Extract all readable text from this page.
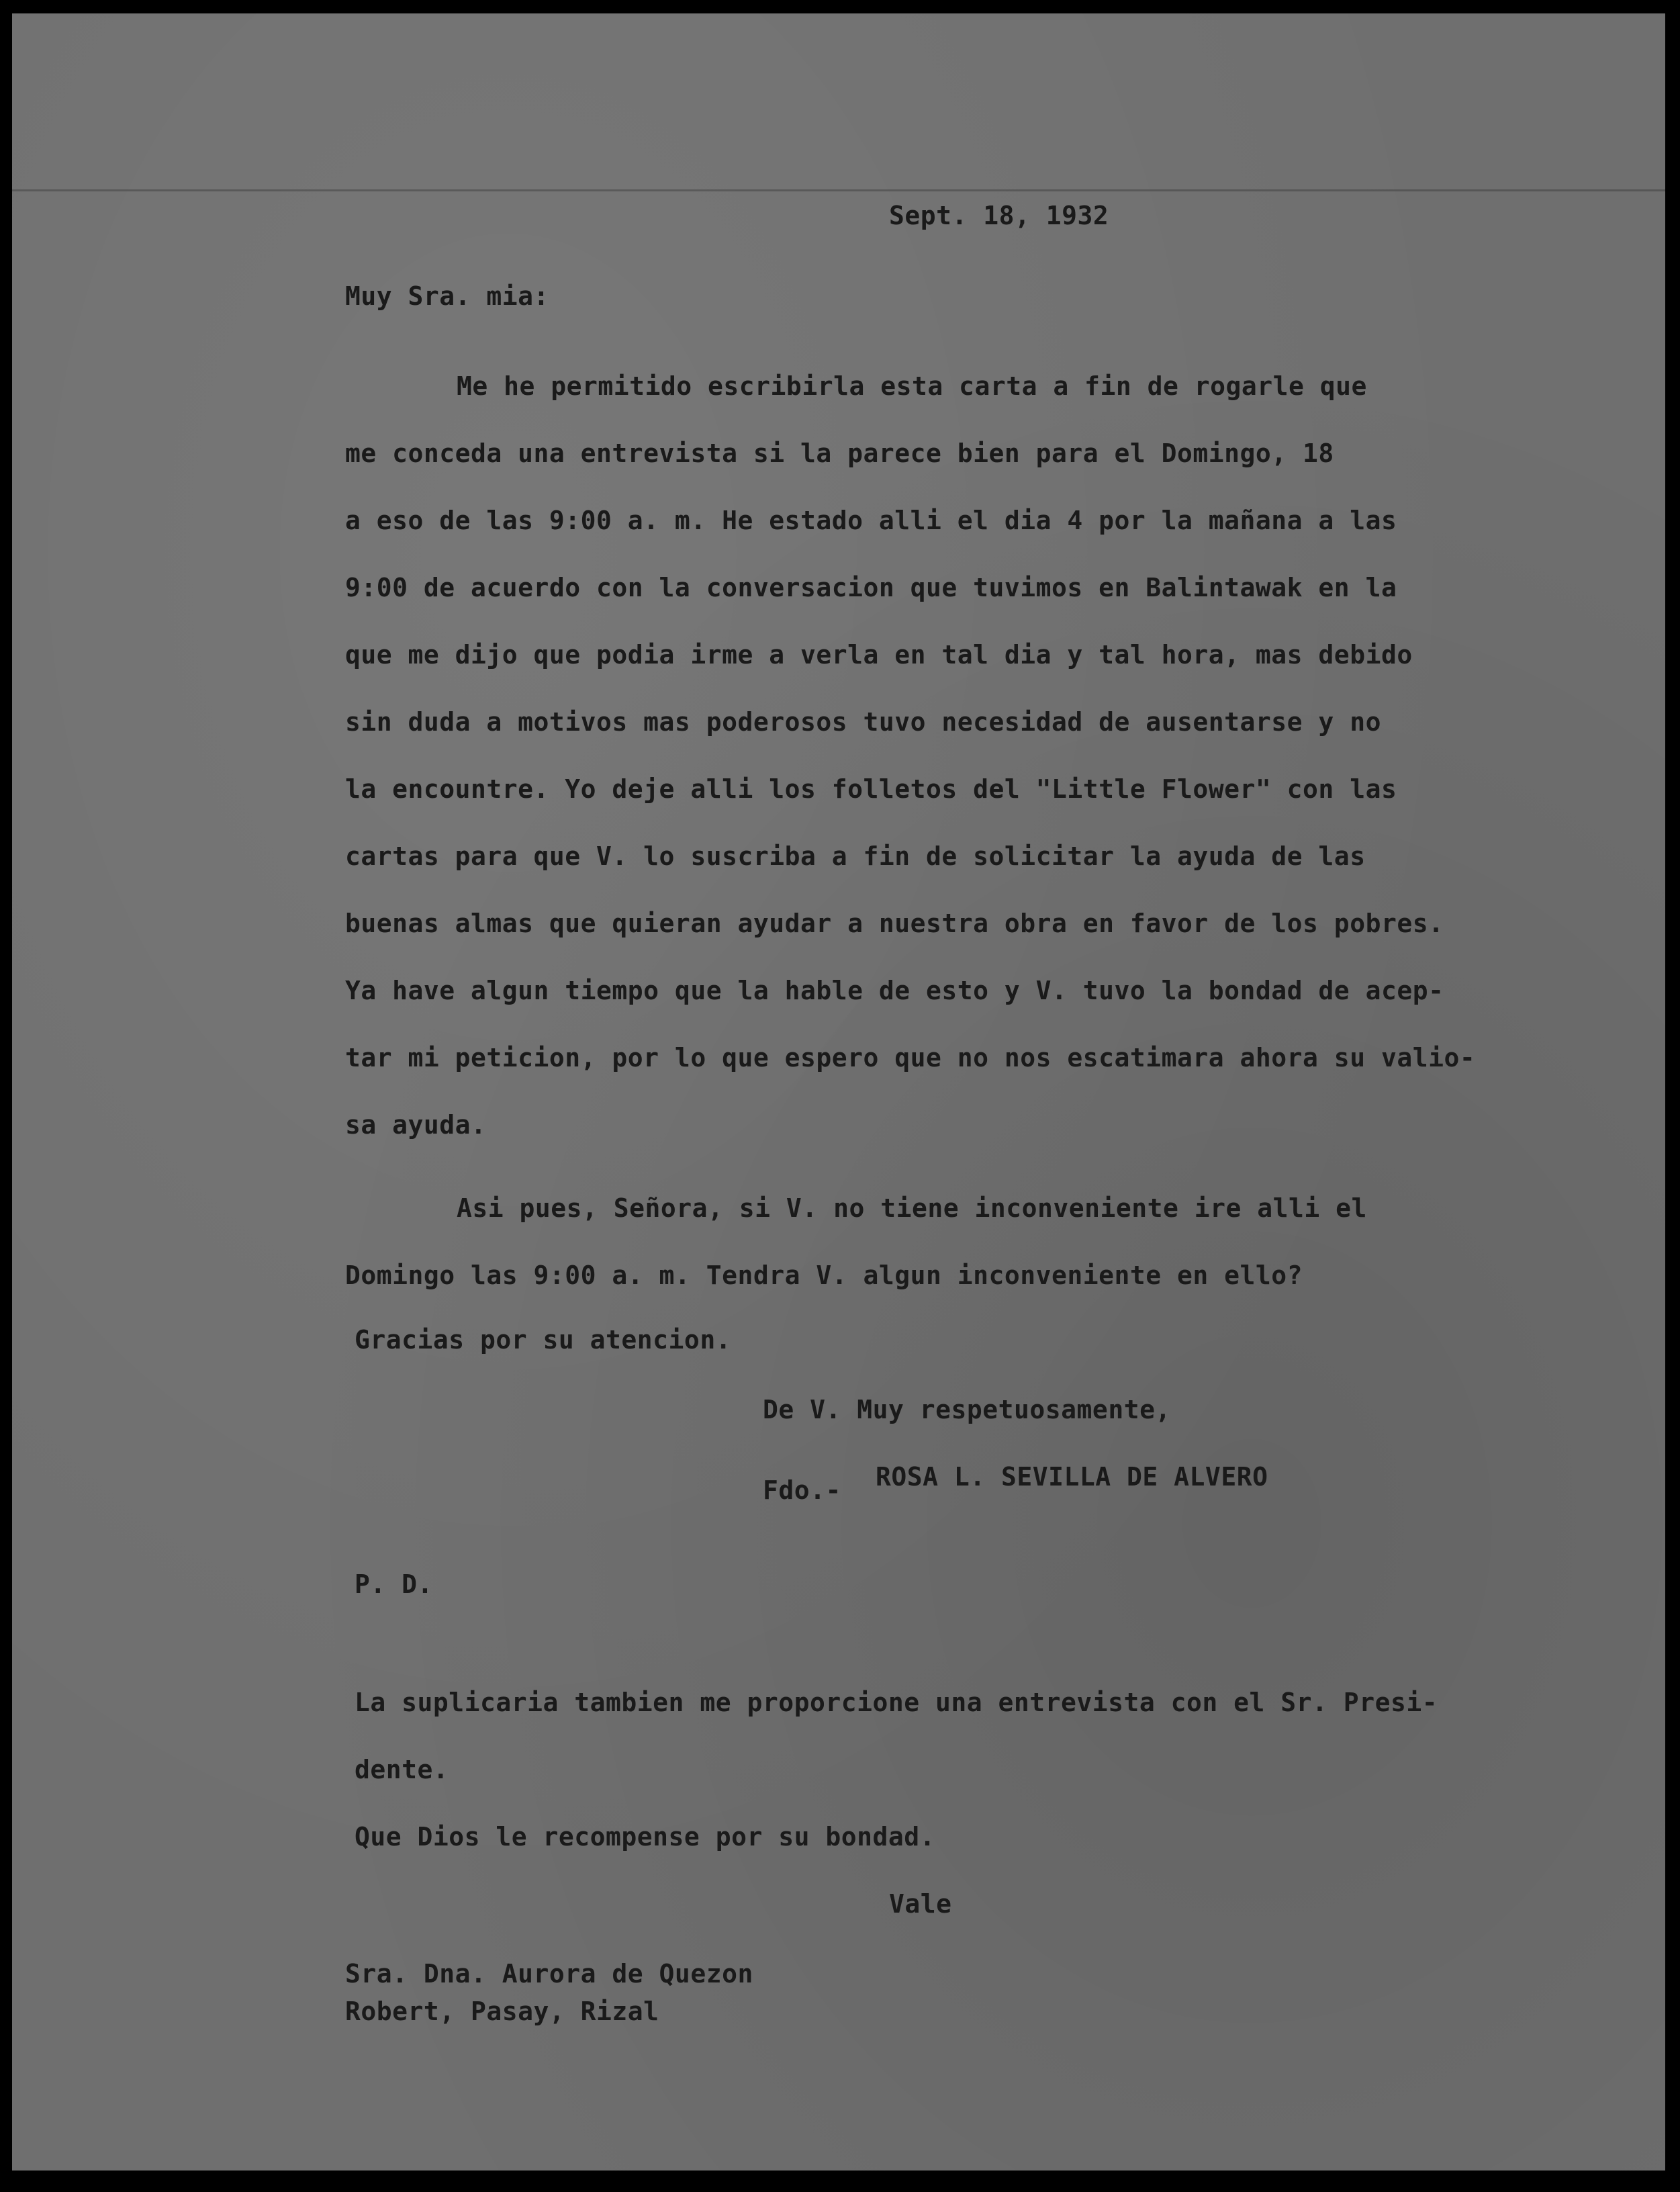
Sept. 18, 1932
Muy Sra. mia:
Me he permitido escribirla esta carta a fin de rogarle que
me conceda una entrevista si la parece bien para el Domingo, 18
a eso de las 9:00 a. m. He estado alli el dia 4 por la mañana a las
9:00 de acuerdo con la conversacion que tuvimos en Balintawak en la
que me dijo que podia irme a verla en tal dia y tal hora, mas debido
sin duda a motivos mas poderosos tuvo necesidad de ausentarse y no
la encountre. Yo deje alli los folletos del "Little Flower" con las
cartas para que V. lo suscriba a fin de solicitar la ayuda de las
buenas almas que quieran ayudar a nuestra obra en favor de los pobres.
Ya have algun tiempo que la hable de esto y V. tuvo la bondad de acep-
tar mi peticion, por lo que espero que no nos escatimara ahora su valio-
sa ayuda.
Asi pues, Señora, si V. no tiene inconveniente ire alli el
Domingo las 9:00 a. m. Tendra V. algun inconveniente en ello?
Gracias por su atencion.
De V. Muy respetuosamente,
Fdo.- ROSA L. SEVILLA DE ALVERO
P. D.
La suplicaria tambien me proporcione una entrevista con el Sr. Presi-
dente.
Que Dios le recompense por su bondad.
Vale
Sra. Dna. Aurora de Quezon
Robert, Pasay, Rizal
